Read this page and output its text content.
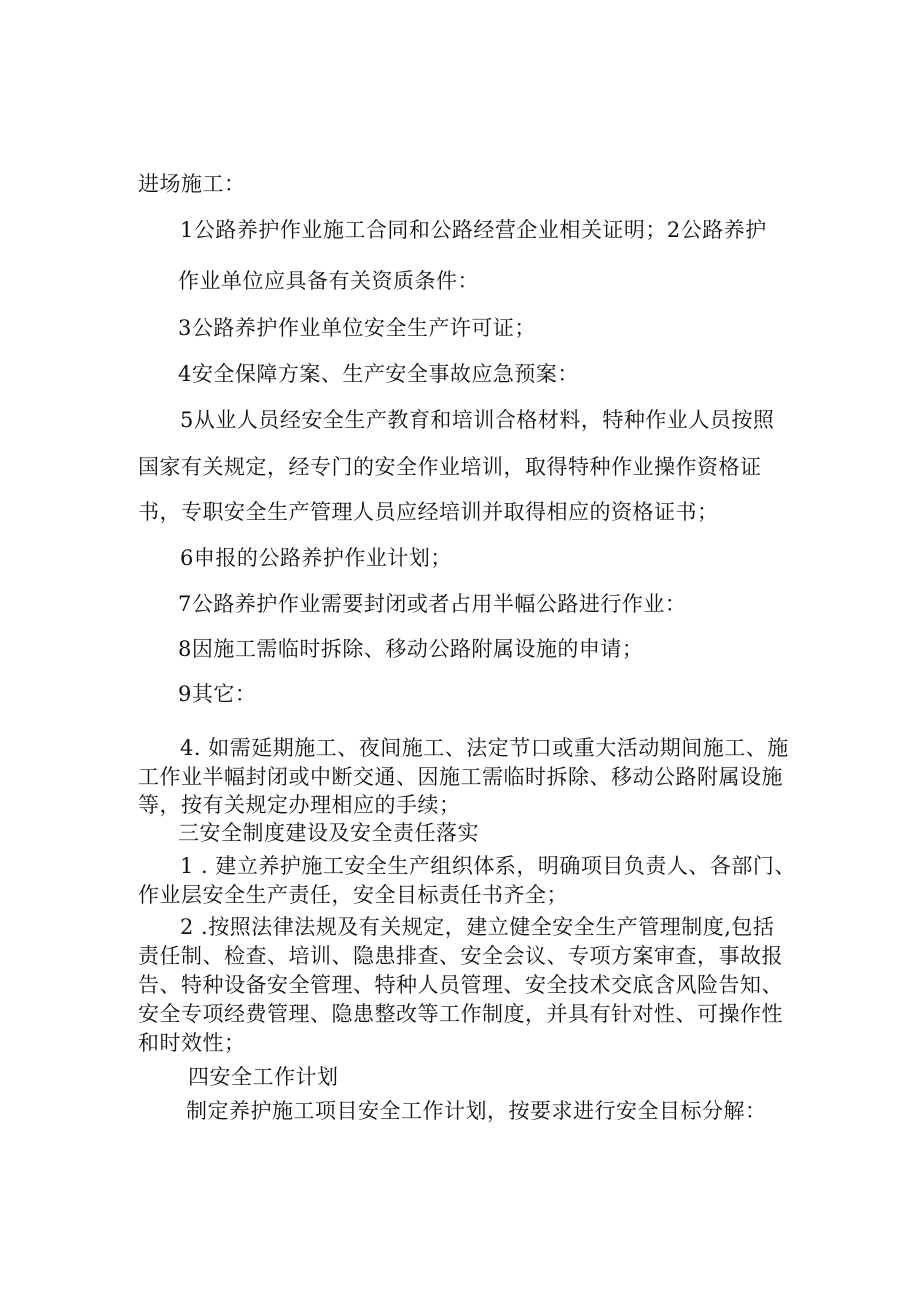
进场施工：
1公路养护作业施工合同和公路经营企业相关证明；2公路养护
作业单位应具备有关资质条件：
3公路养护作业单位安全生产许可证；
4安全保障方案、生产安全事故应急预案：
5从业人员经安全生产教育和培训合格材料，特种作业人员按照
国家有关规定，经专门的安全作业培训，取得特种作业操作资格证
书，专职安全生产管理人员应经培训并取得相应的资格证书；
6申报的公路养护作业计划；
7公路养护作业需要封闭或者占用半幅公路进行作业：
8因施工需临时拆除、移动公路附属设施的申请；
9其它：
4. 如需延期施工、夜间施工、法定节口或重大活动期间施工、施
工作业半幅封闭或中断交通、因施工需临时拆除、移动公路附属设施
等，按有关规定办理相应的手续；
三安全制度建设及安全责任落实
1 . 建立养护施工安全生产组织体系，明确项目负责人、各部门、
作业层安全生产责任，安全目标责任书齐全；
2 .按照法律法规及有关规定，建立健全安全生产管理制度,包括
责任制、检查、培训、隐患排查、安全会议、专项方案审查，事故报
告、特种设备安全管理、特种人员管理、安全技术交底含风险告知、
安全专项经费管理、隐患整改等工作制度，并具有针对性、可操作性
和时效性；
四安全工作计划
制定养护施工项目安全工作计划，按要求进行安全目标分解：
